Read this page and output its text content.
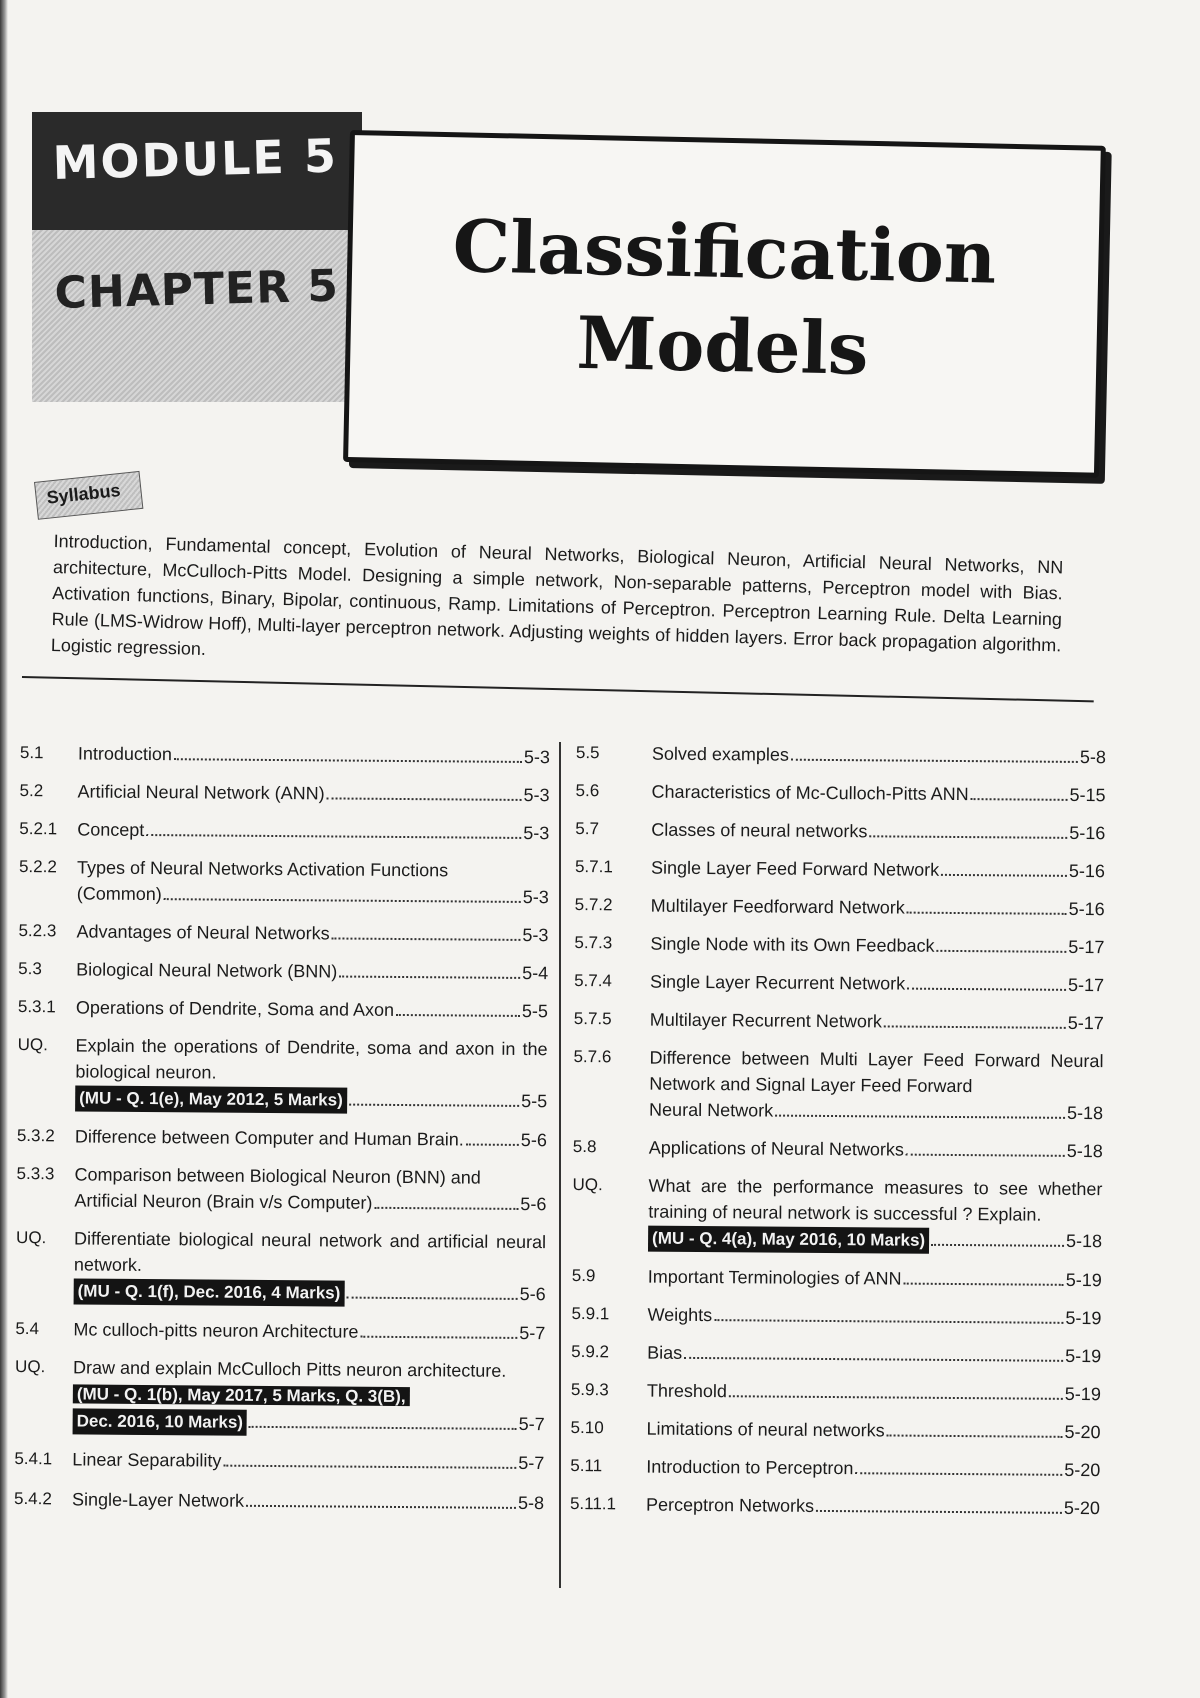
MODULE 5
CHAPTER 5	Classification
Models
Syllabus
Introduction, Fundamental concept, Evolution of Neural Networks, Biological Neuron, Artificial Neural Networks, NN architecture, McCulloch-Pitts Model. Designing a simple network, Non-separable patterns, Perceptron model with Bias. Activation functions, Binary, Bipolar, continuous, Ramp. Limitations of Perceptron. Perceptron Learning Rule. Delta Learning Rule (LMS-Widrow Hoff), Multi-layer perceptron network. Adjusting weights of hidden layers. Error back propagation algorithm. Logistic regression.
5.1	Introduction	5-3
5.2	Artificial Neural Network (ANN)	5-3
5.2.1	Concept	5-3
5.2.2	Types of Neural Networks Activation Functions
(Common)	5-3
5.2.3	Advantages of Neural Networks	5-3
5.3	Biological Neural Network (BNN)	5-4
5.3.1	Operations of Dendrite, Soma and Axon	5-5
UQ.	Explain the operations of Dendrite, soma and axon in the biological neuron.
(MU - Q. 1(e), May 2012, 5 Marks)	5-5
5.3.2	Difference between Computer and Human Brain.	5-6
5.3.3	Comparison between Biological Neuron (BNN) and
Artificial Neuron (Brain v/s Computer)	5-6
UQ.	Differentiate biological neural network and artificial neural network.
(MU - Q. 1(f), Dec. 2016, 4 Marks)	5-6
5.4	Mc culloch-pitts neuron Architecture	5-7
UQ.	Draw and explain McCulloch Pitts neuron architecture.
(MU - Q. 1(b), May 2017, 5 Marks, Q. 3(B),
Dec. 2016, 10 Marks)	5-7
5.4.1	Linear Separability	5-7
5.4.2	Single-Layer Network	5-8
5.5	Solved examples	5-8
5.6	Characteristics of Mc-Culloch-Pitts ANN	5-15
5.7	Classes of neural networks	5-16
5.7.1	Single Layer Feed Forward Network	5-16
5.7.2	Multilayer Feedforward Network	5-16
5.7.3	Single Node with its Own Feedback	5-17
5.7.4	Single Layer Recurrent Network	5-17
5.7.5	Multilayer Recurrent Network	5-17
5.7.6	Difference between Multi Layer Feed Forward Neural Network and Signal Layer Feed Forward
Neural Network	5-18
5.8	Applications of Neural Networks	5-18
UQ.	What are the performance measures to see whether training of neural network is successful ? Explain.
(MU - Q. 4(a), May 2016, 10 Marks)	5-18
5.9	Important Terminologies of ANN	5-19
5.9.1	Weights	5-19
5.9.2	Bias	5-19
5.9.3	Threshold	5-19
5.10	Limitations of neural networks	5-20
5.11	Introduction to Perceptron	5-20
5.11.1	Perceptron Networks	5-20
